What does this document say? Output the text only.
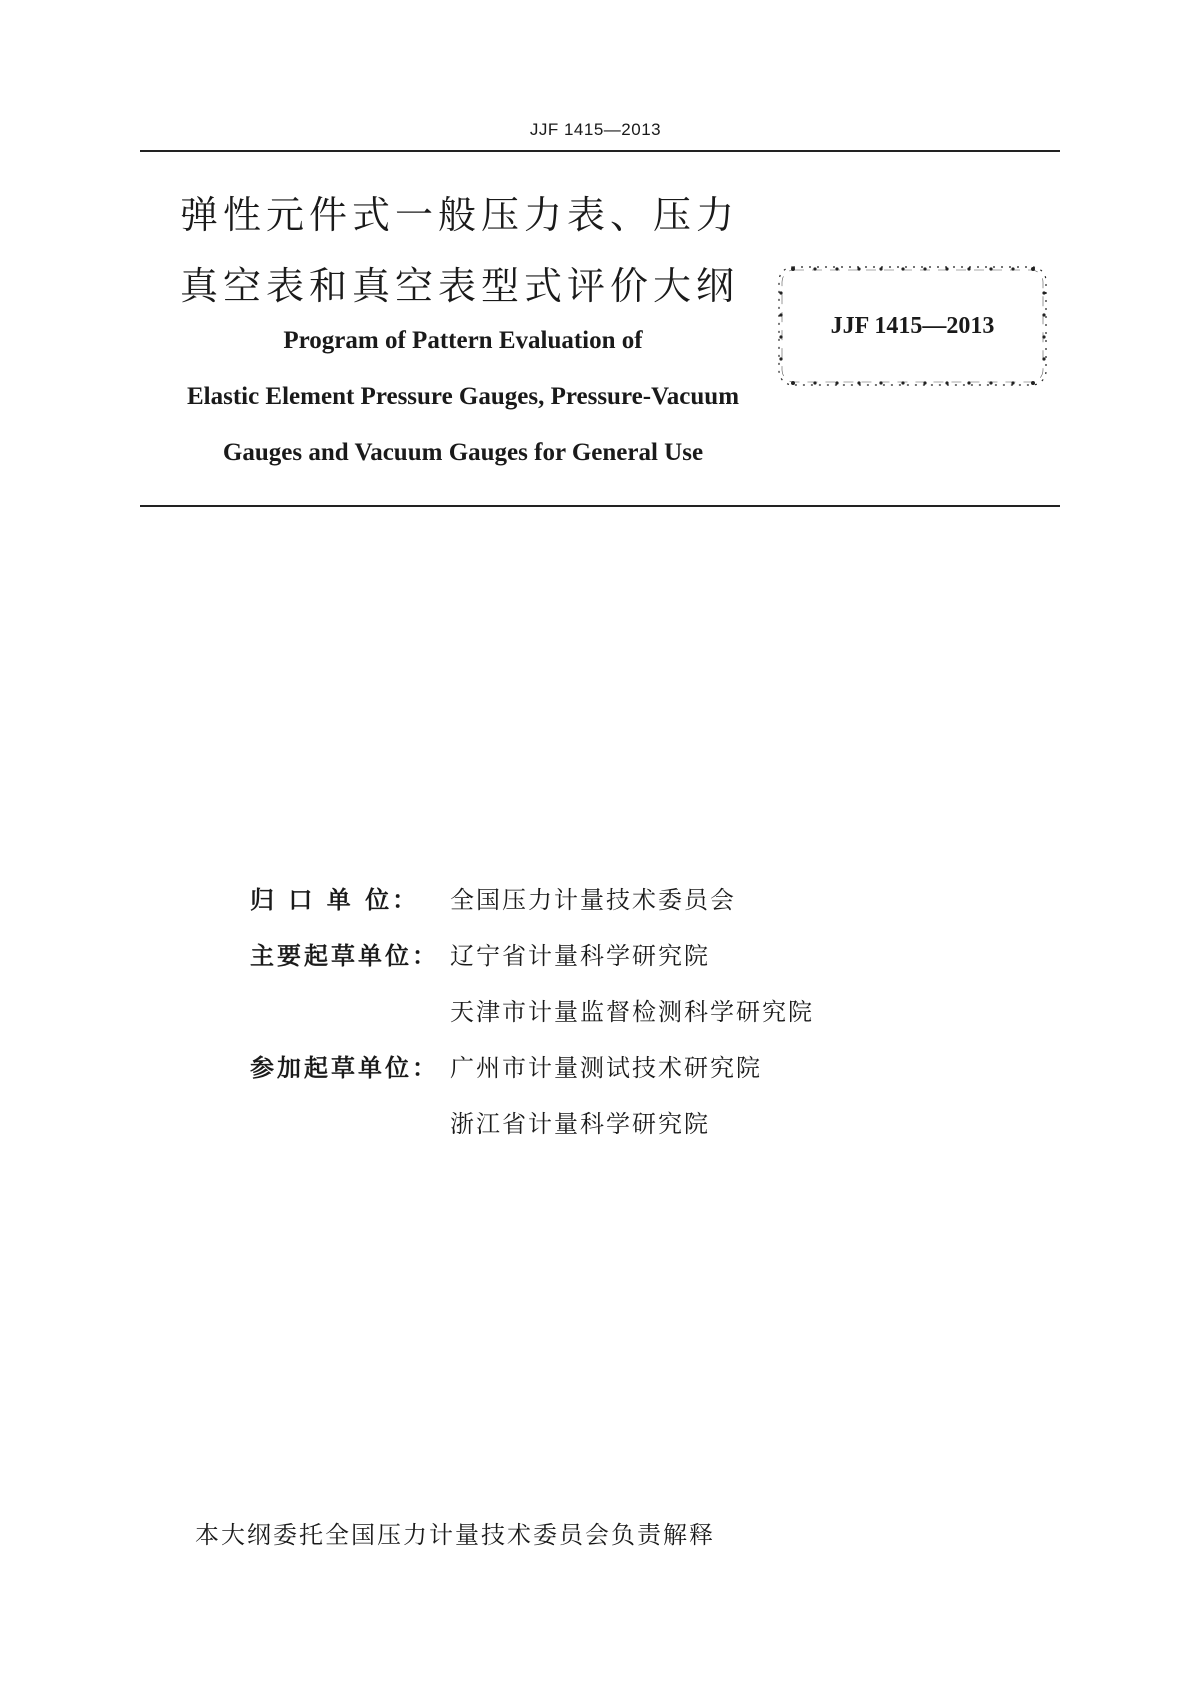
JJF 1415—2013
弹性元件式一般压力表、压力
真空表和真空表型式评价大纲
Program of Pattern Evaluation of
Elastic Element Pressure Gauges, Pressure-Vacuum
Gauges and Vacuum Gauges for General Use
JJF 1415—2013
归 口 单 位：	全国压力计量技术委员会
主要起草单位： 辽宁省计量科学研究院
天津市计量监督检测科学研究院
参加起草单位： 广州市计量测试技术研究院
浙江省计量科学研究院
本大纲委托全国压力计量技术委员会负责解释
